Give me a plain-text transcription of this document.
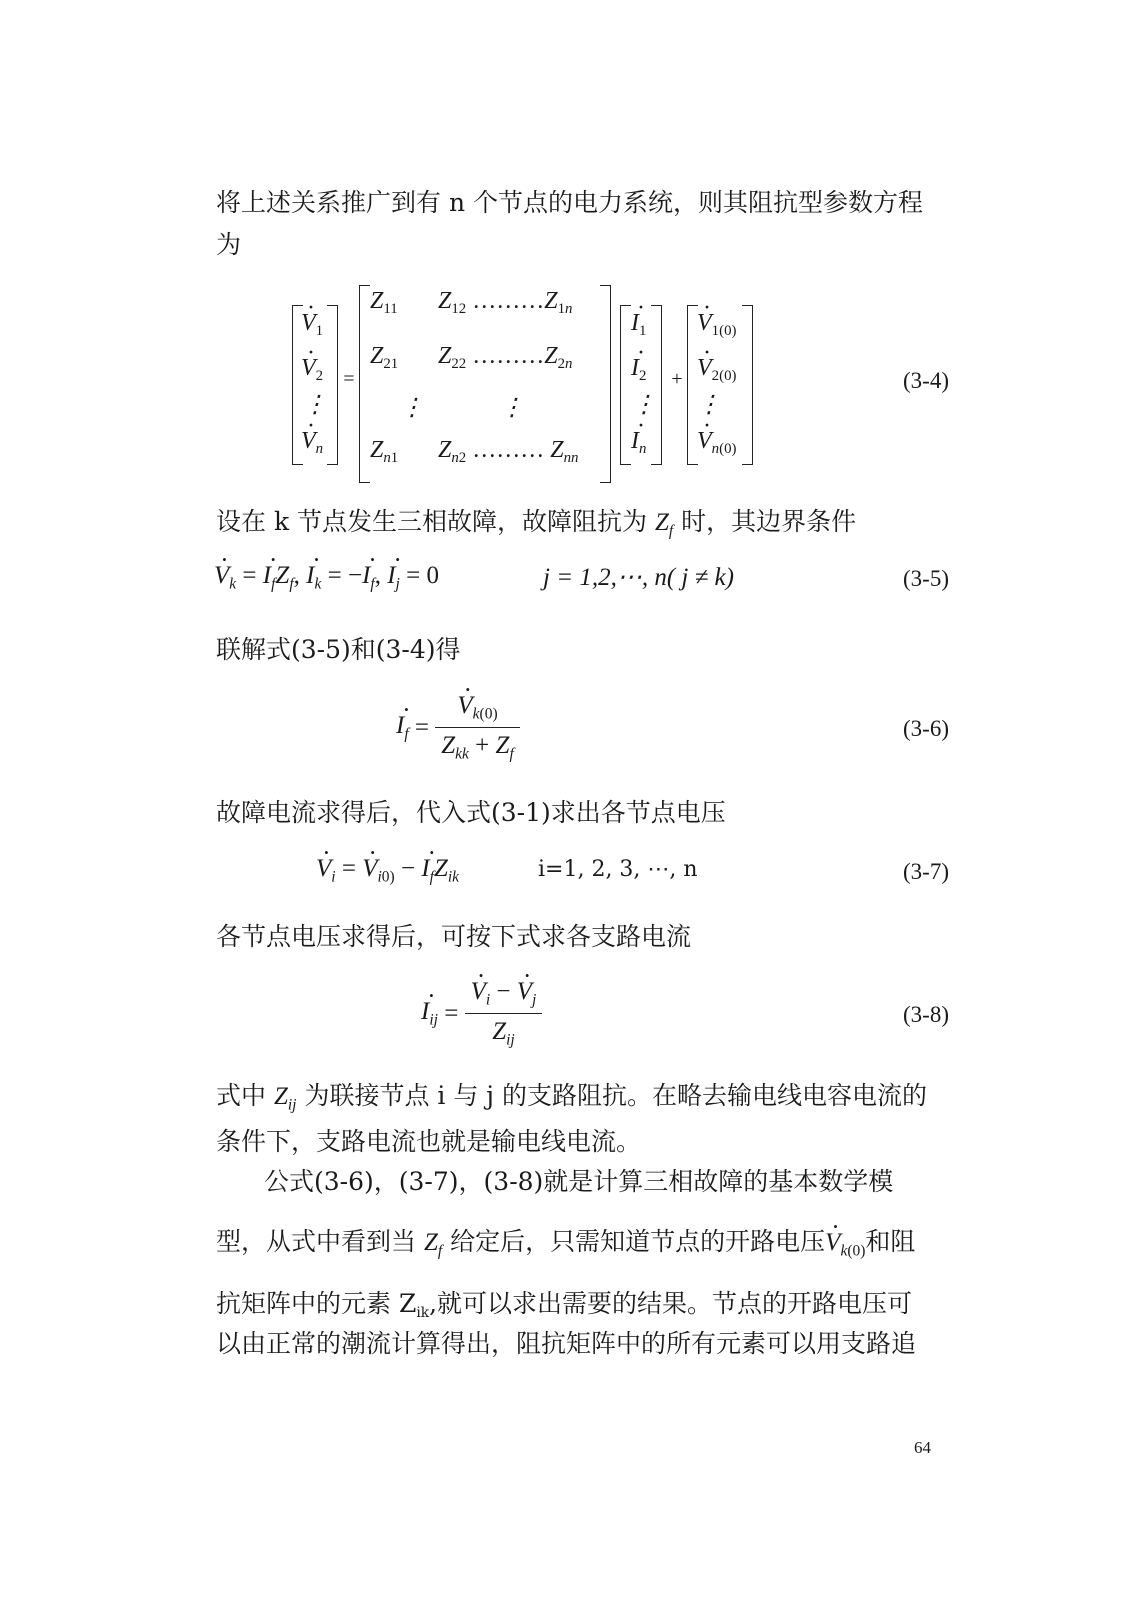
将上述关系推广到有 n 个节点的电力系统，则其阻抗型参数方程
为
· $V_1$
· $V_2$
⋮
· $V_n$
=
$Z_{11}$ $Z_{12}$ $\dots\dots\dots Z_{1n}$
$Z_{21}$ $Z_{22}$ $\dots\dots\dots Z_{2n}$
⋮	⋮
$Z_{n1}$ $Z_{n2}$ ……… $Z_{nn}$
· $I_1$
· $I_2$
⋮
· $I_n$
+
· $V_{1(0)}$
· $V_{2(0)}$
⋮
· $V_{n(0)}$
(3-4)
设在 k 节点发生三相故障，故障阻抗为 $Z_f$ 时，其边界条件
· $V_k$ = · $I_fZ_f$, · $I_k$ = −· $I_f$, · $I_j = 0$	j = 1,2,⋯, n( j ≠ k)	(3-5)
联解式(3-5)和(3-4)得
· $I_f$ = · $\frac{V_{k(0)}}{Z_{kk} + Z_f}$	(3-6)
故障电流求得后，代入式(3-1)求出各节点电压
· $V_i$ = · $V_{i0)}$ − · $I_fZ_{ik}$	i=1, 2, 3, ⋯, n	(3-7)
各节点电压求得后，可按下式求各支路电流
· $I_{ij}$ = · $\frac{V_i - \cdot V_j}{Z_{ij}}$	(3-8)
式中 $Z_{ij}$ 为联接节点 i 与 j 的支路阻抗。在略去输电线电容电流的
条件下，支路电流也就是输电线电流。
公式(3-6)，(3-7)，(3-8)就是计算三相故障的基本数学模
型，从式中看到当 $Z_f$ 给定后，只需知道节点的开路电压· $V_{k(0)}$和阻
抗矩阵中的元素 $Z_{ik}$,就可以求出需要的结果。节点的开路电压可
以由正常的潮流计算得出，阻抗矩阵中的所有元素可以用支路追
64
